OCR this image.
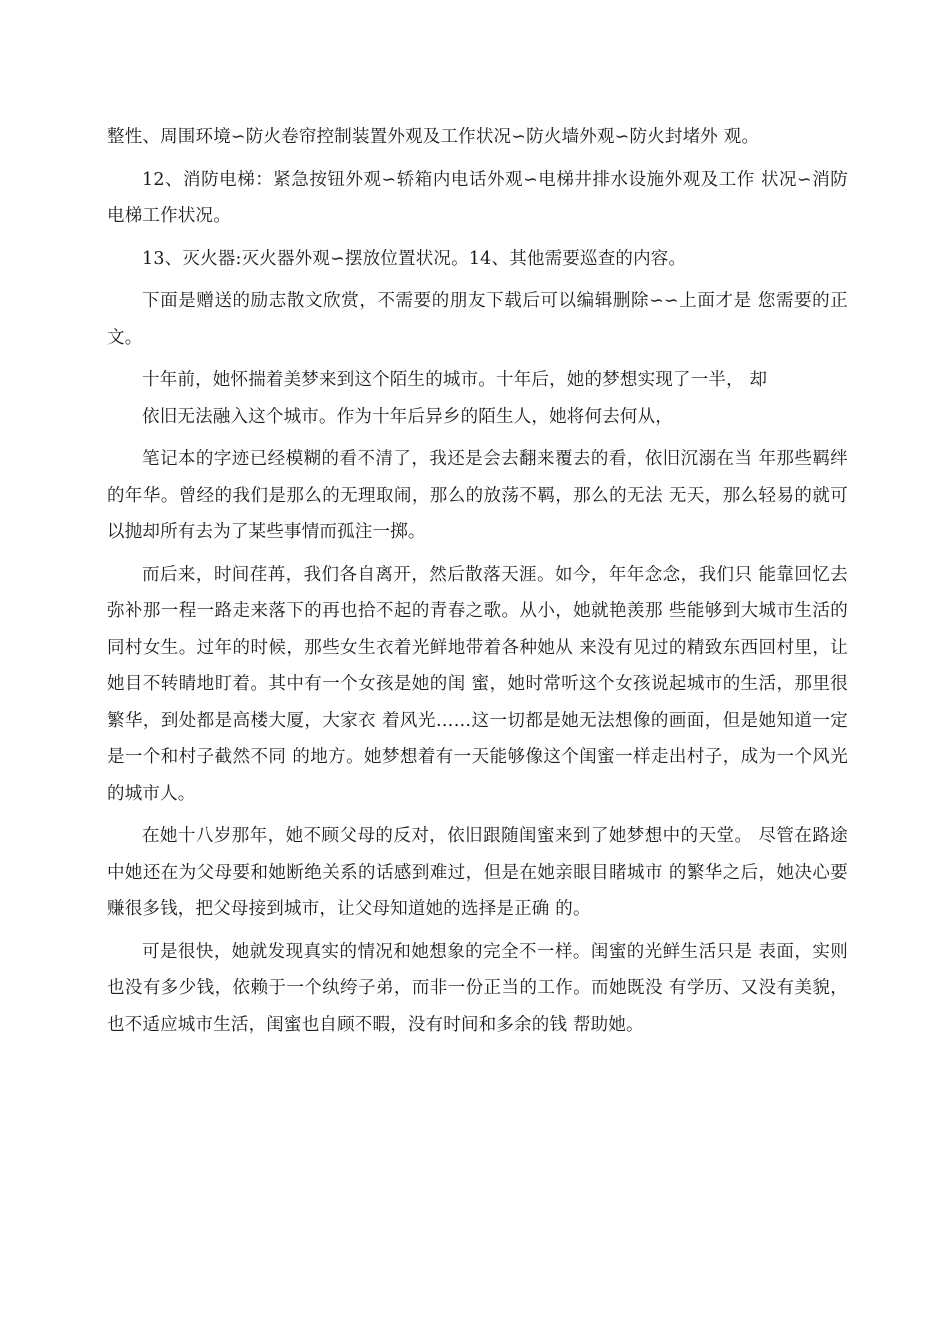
整性、周围环境∽防火卷帘控制装置外观及工作状况∽防火墙外观∽防火封堵外 观。

12、消防电梯：紧急按钮外观∽轿箱内电话外观∽电梯井排水设施外观及工作 状况∽消防电梯工作状况。

13、灭火器:灭火器外观∽摆放位置状况。14、其他需要巡查的内容。

下面是赠送的励志散文欣赏，不需要的朋友下载后可以编辑删除∽∽上面才是 您需要的正文。

十年前，她怀揣着美梦来到这个陌生的城市。十年后，她的梦想实现了一半， 却

依旧无法融入这个城市。作为十年后异乡的陌生人，她将何去何从，

笔记本的字迹已经模糊的看不清了，我还是会去翻来覆去的看，依旧沉溺在当 年那些羁绊的年华。曾经的我们是那么的无理取闹，那么的放荡不羁，那么的无法 无天，那么轻易的就可以抛却所有去为了某些事情而孤注一掷。

而后来，时间荏苒，我们各自离开，然后散落天涯。如今，年年念念，我们只 能靠回忆去弥补那一程一路走来落下的再也拾不起的青春之歌。从小，她就艳羡那 些能够到大城市生活的同村女生。过年的时候，那些女生衣着光鲜地带着各种她从 来没有见过的精致东西回村里，让她目不转睛地盯着。其中有一个女孩是她的闺 蜜，她时常听这个女孩说起城市的生活，那里很繁华，到处都是高楼大厦，大家衣 着风光……这一切都是她无法想像的画面，但是她知道一定是一个和村子截然不同 的地方。她梦想着有一天能够像这个闺蜜一样走出村子，成为一个风光的城市人。

在她十八岁那年，她不顾父母的反对，依旧跟随闺蜜来到了她梦想中的天堂。 尽管在路途中她还在为父母要和她断绝关系的话感到难过，但是在她亲眼目睹城市 的繁华之后，她决心要赚很多钱，把父母接到城市，让父母知道她的选择是正确 的。

可是很快，她就发现真实的情况和她想象的完全不一样。闺蜜的光鲜生活只是 表面，实则也没有多少钱，依赖于一个纨绔子弟，而非一份正当的工作。而她既没 有学历、又没有美貌，也不适应城市生活，闺蜜也自顾不暇，没有时间和多余的钱 帮助她。
